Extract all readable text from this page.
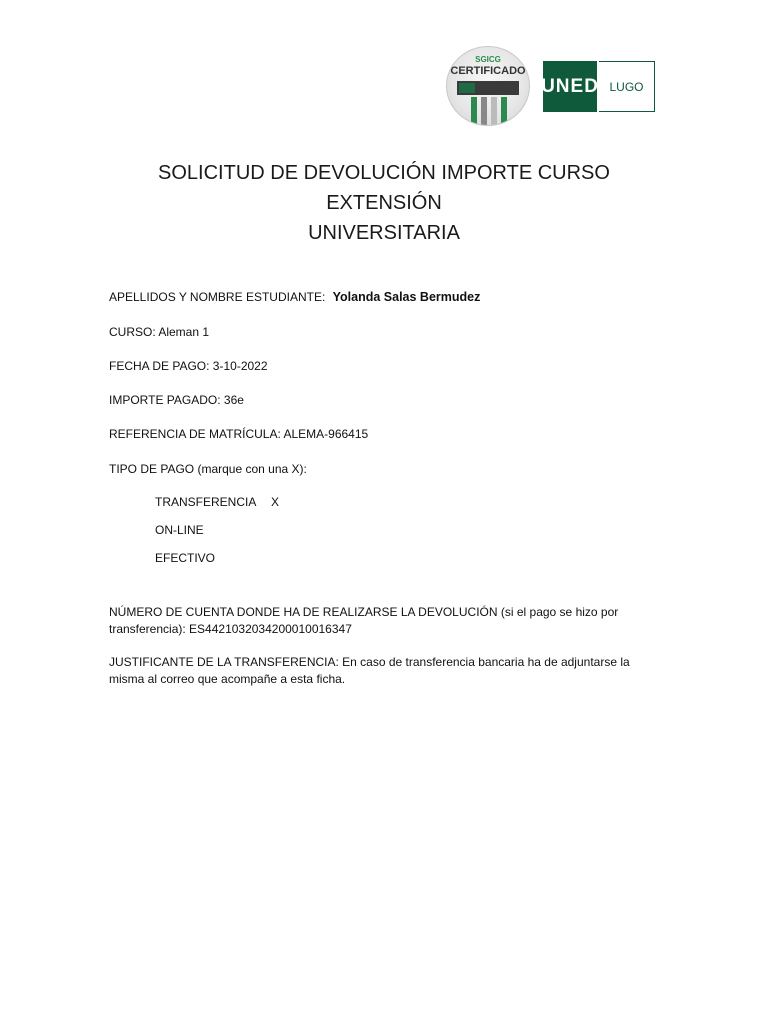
SGICG
CERTIFICADO
UNED LUGO
SOLICITUD DE DEVOLUCIÓN IMPORTE CURSO EXTENSIÓN
UNIVERSITARIA
APELLIDOS Y NOMBRE ESTUDIANTE: Yolanda Salas Bermudez
CURSO: Aleman 1
FECHA DE PAGO: 3-10-2022
IMPORTE PAGADO: 36e
REFERENCIA DE MATRÍCULA: ALEMA-966415
TIPO DE PAGO (marque con una X):
TRANSFERENCIA X
ON-LINE
EFECTIVO
NÚMERO DE CUENTA DONDE HA DE REALIZARSE LA DEVOLUCIÓN (si el pago se hizo por
transferencia): ES4421032034200010016347
JUSTIFICANTE DE LA TRANSFERENCIA: En caso de transferencia bancaria ha de adjuntarse la
misma al correo que acompañe a esta ficha.
